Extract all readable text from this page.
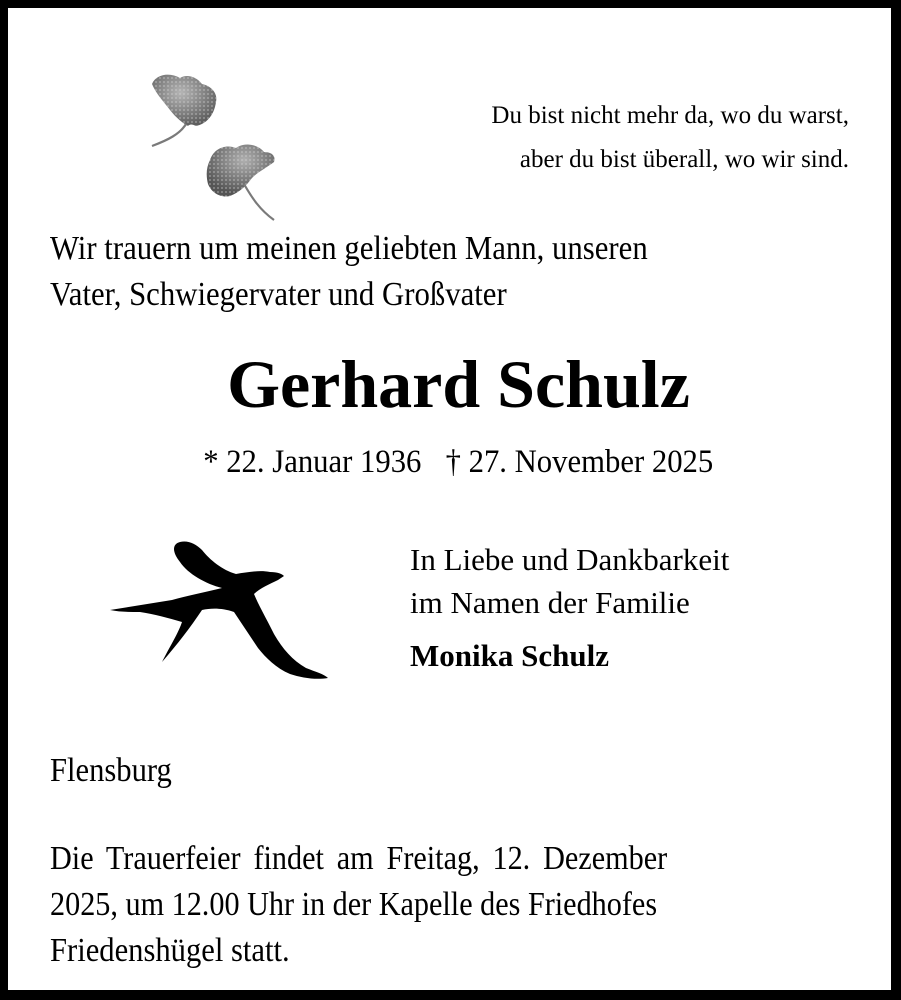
Du bist nicht mehr da, wo du warst,
aber du bist überall, wo wir sind.
Wir trauern um meinen geliebten Mann, unseren
Vater, Schwiegervater und Großvater
Gerhard Schulz
* 22. Januar 1936 † 27. November 2025
In Liebe und Dankbarkeit
im Namen der Familie
Monika Schulz
Flensburg
Die Trauerfeier findet am Freitag, 12. Dezember
2025, um 12.00 Uhr in der Kapelle des Friedhofes
Friedenshügel statt.
